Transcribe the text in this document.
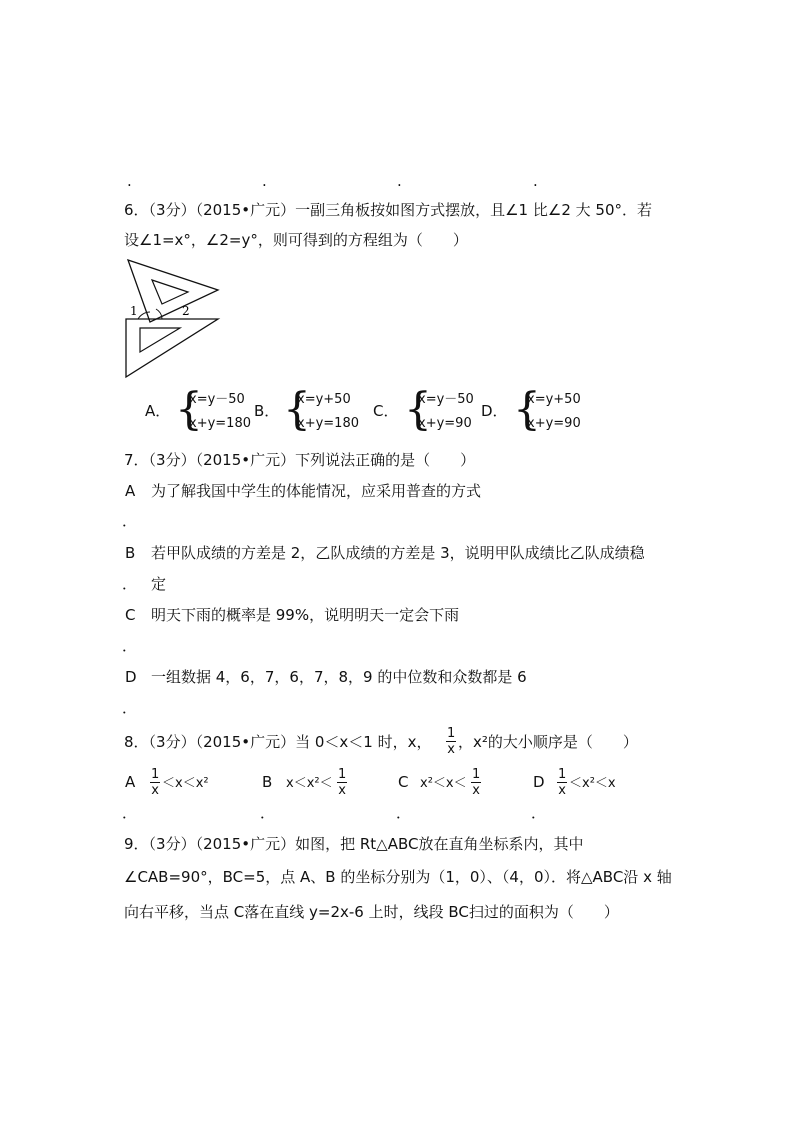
.	.	.	.
6．（3分）（2015•广元）一副三角板按如图方式摆放，且∠1 比∠2 大 50°．若
设∠1=x°，∠2=y°，则可得到的方程组为（　　）
1	2
A． {
x=y－50
x+y=180
B． {
x=y+50
x+y=180
C． {
x=y－50
x+y=90
D． {
x=y+50
x+y=90
7．（3分）（2015•广元）下列说法正确的是（　　）
A 为了解我国中学生的体能情况，应采用普查的方式
．
B 若甲队成绩的方差是 2，乙队成绩的方差是 3，说明甲队成绩比乙队成绩稳
． 定
C 明天下雨的概率是 99%，说明明天一定会下雨
．
D 一组数据 4，6，7，6，7，8，9 的中位数和众数都是 6
．
8．（3分）（2015•广元）当 0＜x＜1 时，x， $\frac{1}{x}$ ，x²的大小顺序是（　　）
A $\frac{1}{x} <x<x^2$
．
B $x<x^2< \frac{1}{x}$
．
C $x^2<x< \frac{1}{x}$
．
D $\frac{1}{x} <x^2<x$
．
9．（3分）（2015•广元）如图，把 Rt△ABC放在直角坐标系内，其中
∠CAB=90°，BC=5，点 A、B 的坐标分别为（1，0）、（4，0）．将△ABC沿 x 轴
向右平移，当点 C落在直线 y=2x-6 上时，线段 BC扫过的面积为（　　）
